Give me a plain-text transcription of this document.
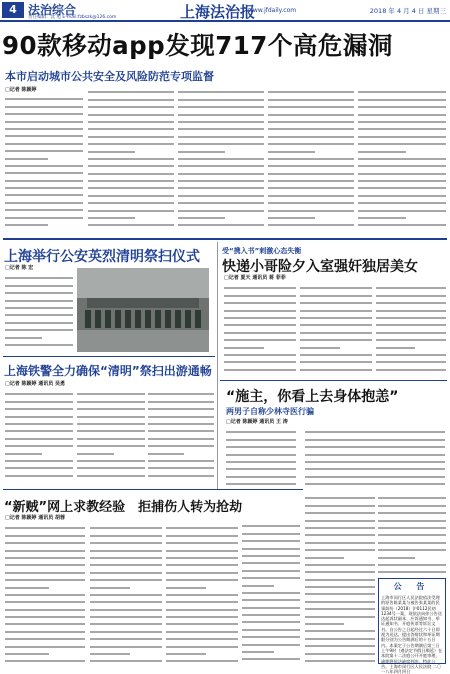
4 法治综合
责任编辑：沈 旭 E-mail:fzbszk@126.com	上海法治报
www.jfdaily.com	2018 年 4 月 4 日 星期三
90款移动app发现717个高危漏洞
本市启动城市公共安全及风险防范专项监督
□记者 陈颖婷
上海举行公安英烈清明祭扫仪式
□记者 陈 宏
上海铁警全力确保“清明”祭扫出游通畅
□记者 陈颖婷 通讯员 吴勇
“新贼”网上求教经验　拒捕伤人转为抢劫
□记者 陈颖婷 通讯员 胡蓉
受“携入书”刺激心态失衡
快递小哥险夕入室强奸独居美女
□记者 夏天 通讯员 蒋 菲菲
“施主，你看上去身体抱恙”
两男子自称少林寺医行骗
□记者 陈颖婷 通讯员 王 涛
公 告
上海市闵行区人民法院依法受理的原告陈某某与被告张某某的民事纠纷（2018）沪0112民初1234号一案，现依法向你公告送达起诉状副本、应诉通知书、举证通知书、开庭传票等诉讼文书。自公告之日起经过六十日即视为送达。提出答辩状和举证期限分别为公告期满后的十五日内。本案定于公告期满后第三日上午9时（遇法定节假日顺延）在本院第十二法庭公开开庭审理，逾期将依法缺席判决。特此公告。上海市闵行区人民法院 二〇一八年四月四日
